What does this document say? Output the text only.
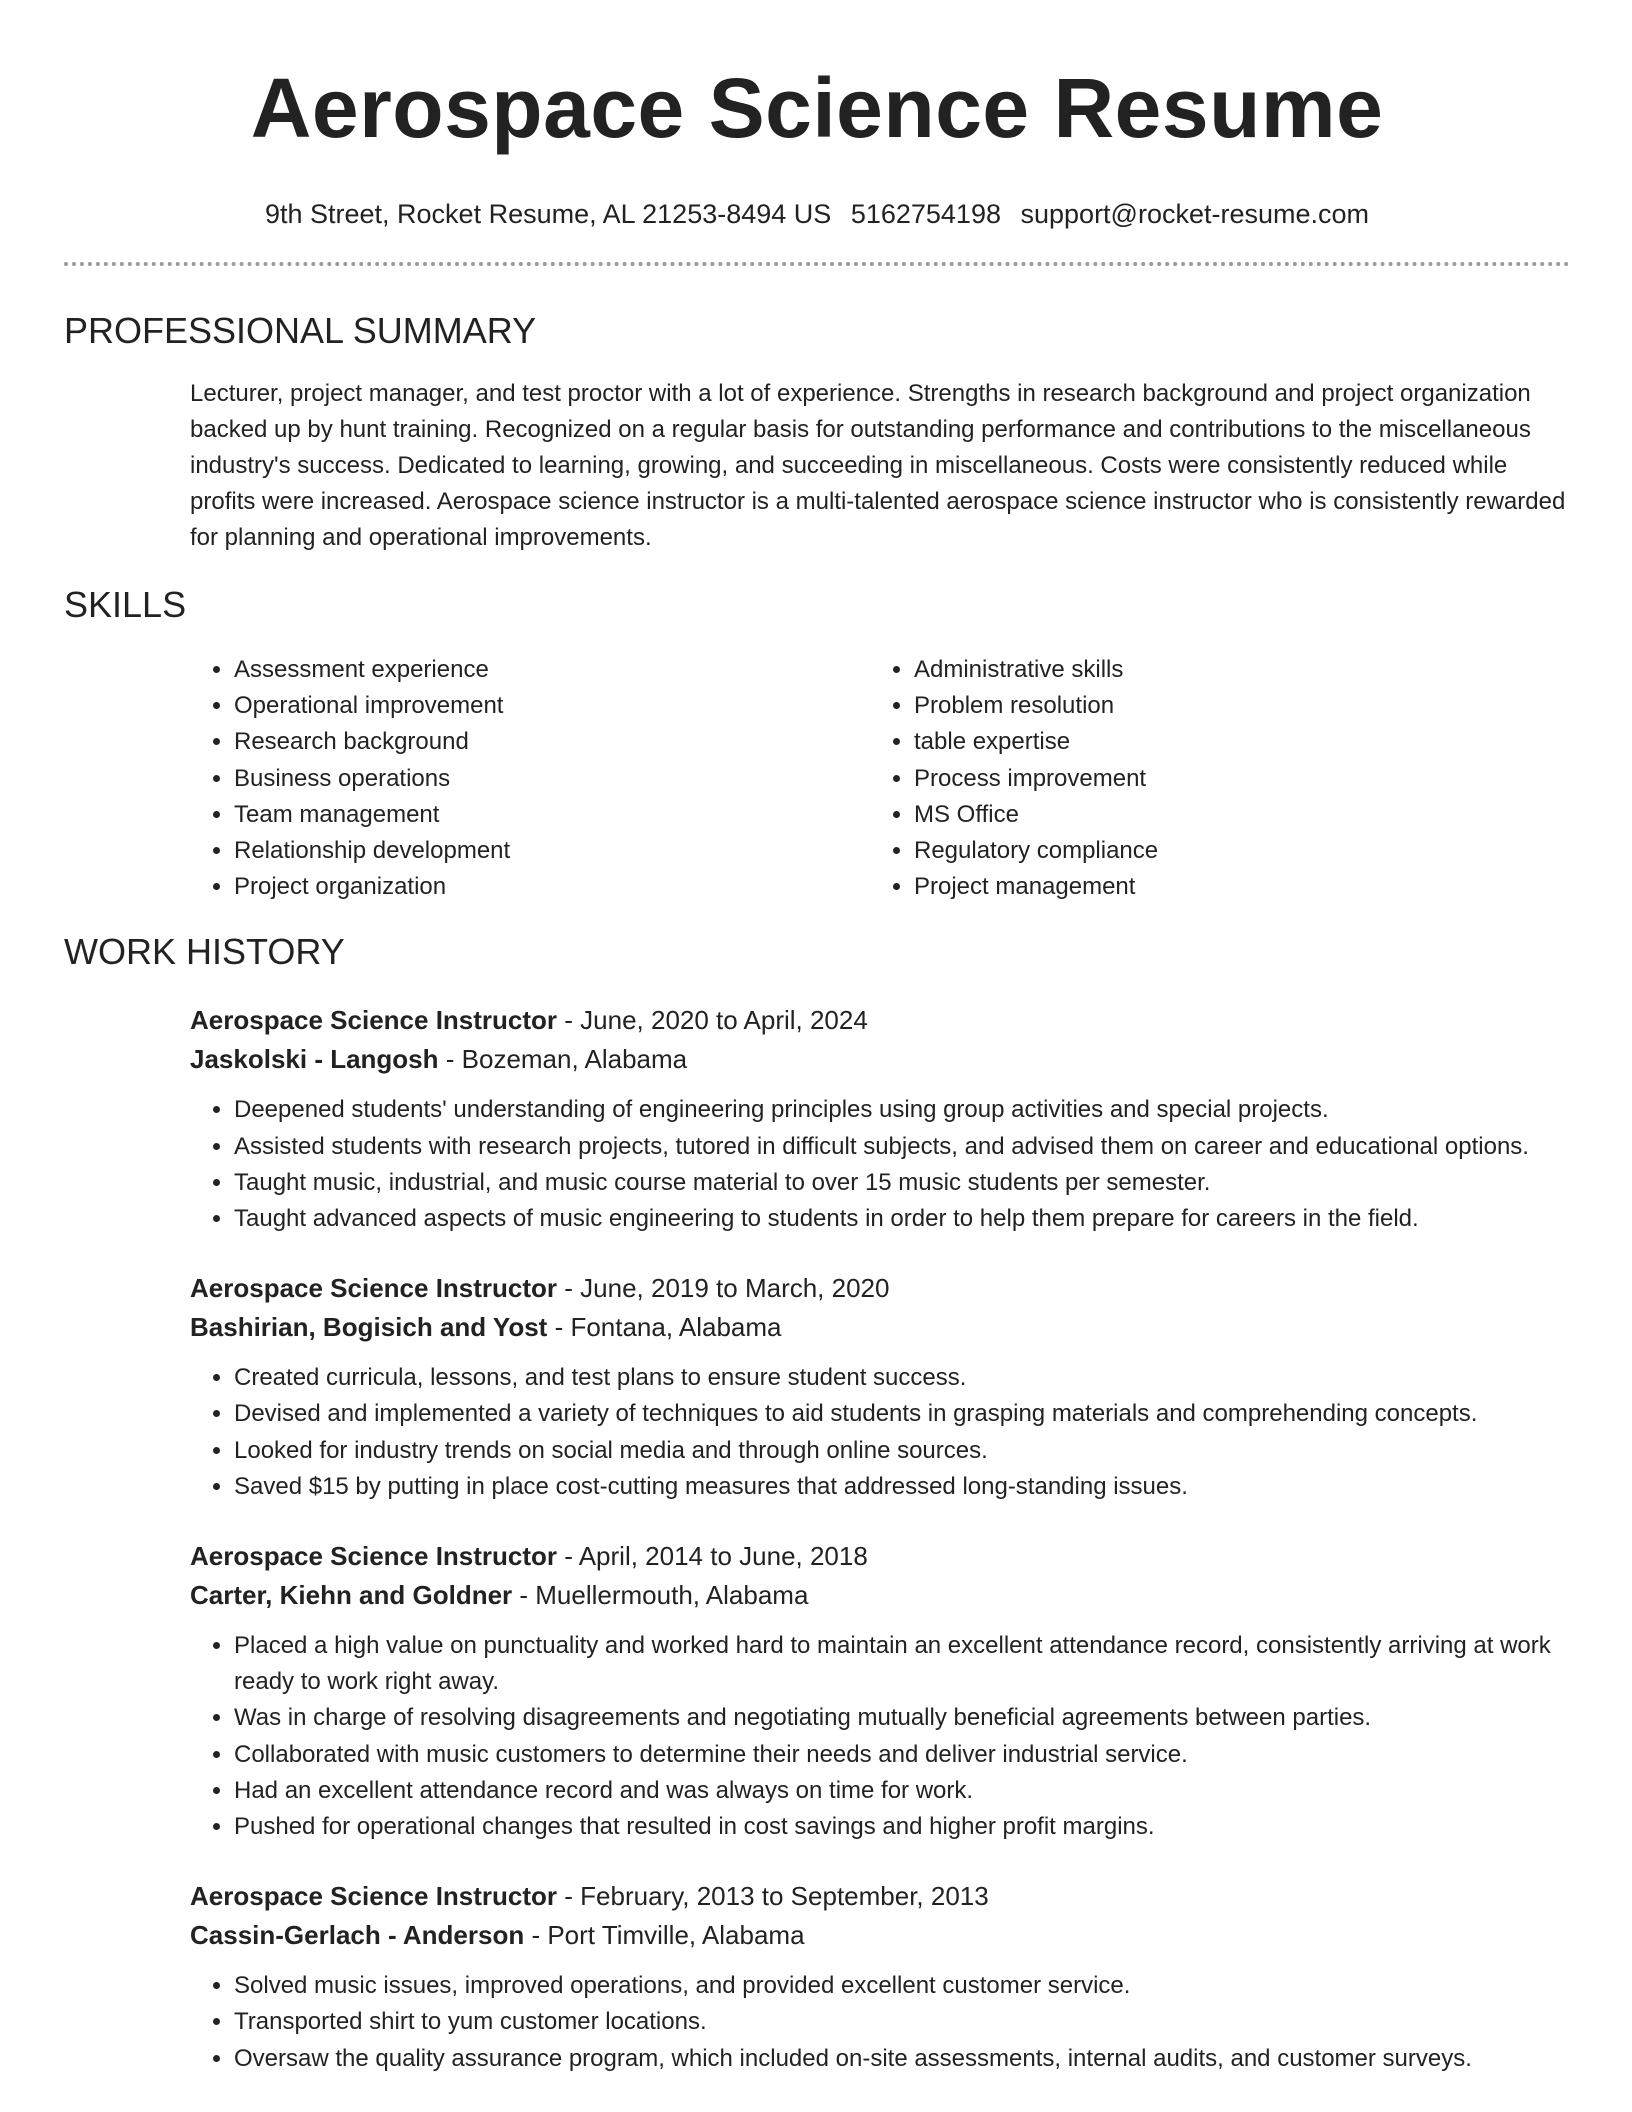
Aerospace Science Resume
9th Street, Rocket Resume, AL 21253-8494 US 5162754198 support@rocket-resume.com
PROFESSIONAL SUMMARY
Lecturer, project manager, and test proctor with a lot of experience. Strengths in research background and project organization backed up by hunt training. Recognized on a regular basis for outstanding performance and contributions to the miscellaneous industry's success. Dedicated to learning, growing, and succeeding in miscellaneous. Costs were consistently reduced while profits were increased. Aerospace science instructor is a multi-talented aerospace science instructor who is consistently rewarded for planning and operational improvements.
SKILLS
• Assessment experience
• Operational improvement
• Research background
• Business operations
• Team management
• Relationship development
• Project organization
• Administrative skills
• Problem resolution
• table expertise
• Process improvement
• MS Office
• Regulatory compliance
• Project management
WORK HISTORY
Aerospace Science Instructor - June, 2020 to April, 2024
Jaskolski - Langosh - Bozeman, Alabama
• Deepened students' understanding of engineering principles using group activities and special projects.
• Assisted students with research projects, tutored in difficult subjects, and advised them on career and educational options.
• Taught music, industrial, and music course material to over 15 music students per semester.
• Taught advanced aspects of music engineering to students in order to help them prepare for careers in the field.
Aerospace Science Instructor - June, 2019 to March, 2020
Bashirian, Bogisich and Yost - Fontana, Alabama
• Created curricula, lessons, and test plans to ensure student success.
• Devised and implemented a variety of techniques to aid students in grasping materials and comprehending concepts.
• Looked for industry trends on social media and through online sources.
• Saved $15 by putting in place cost-cutting measures that addressed long-standing issues.
Aerospace Science Instructor - April, 2014 to June, 2018
Carter, Kiehn and Goldner - Muellermouth, Alabama
• Placed a high value on punctuality and worked hard to maintain an excellent attendance record, consistently arriving at work ready to work right away.
• Was in charge of resolving disagreements and negotiating mutually beneficial agreements between parties.
• Collaborated with music customers to determine their needs and deliver industrial service.
• Had an excellent attendance record and was always on time for work.
• Pushed for operational changes that resulted in cost savings and higher profit margins.
Aerospace Science Instructor - February, 2013 to September, 2013
Cassin-Gerlach - Anderson - Port Timville, Alabama
• Solved music issues, improved operations, and provided excellent customer service.
• Transported shirt to yum customer locations.
• Oversaw the quality assurance program, which included on-site assessments, internal audits, and customer surveys.
